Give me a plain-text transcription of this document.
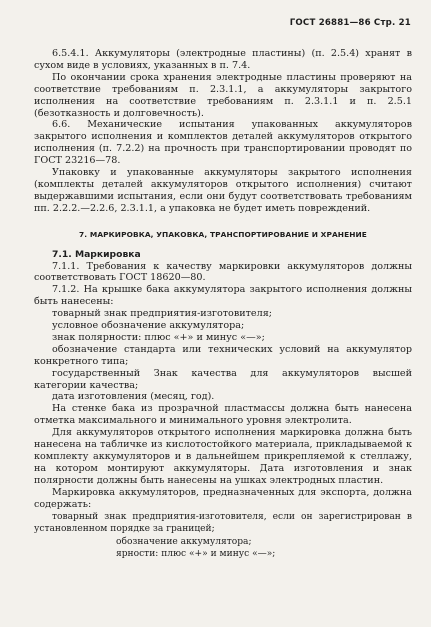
ГОСТ 26881—86 Стр. 21

6.5.4.1. Аккумуляторы (электродные пластины) (п. 2.5.4) хранят в сухом виде в условиях, указанных в п. 7.4.

По окончании срока хранения электродные пластины проверяют на соответствие требованиям п. 2.3.1.1, а аккумуляторы закрытого исполнения на соответствие требованиям п. 2.3.1.1 и п. 2.5.1 (безотказность и долговечность).

6.6. Механические испытания упакованных аккумуляторов закрытого исполнения и комплектов деталей аккумуляторов открытого исполнения (п. 7.2.2) на прочность при транспортировании проводят по ГОСТ 23216—78.

Упаковку и упакованные аккумуляторы закрытого исполнения (комплекты деталей аккумуляторов открытого исполнения) считают выдержавшими испытания, если они будут соответствовать требованиям пп. 2.2.2.—2.2.6, 2.3.1.1, а упаковка не будет иметь повреждений.

7. МАРКИРОВКА, УПАКОВКА, ТРАНСПОРТИРОВАНИЕ И ХРАНЕНИЕ

7.1. Маркировка

7.1.1. Требования к качеству маркировки аккумуляторов должны соответствовать ГОСТ 18620—80.

7.1.2. На крышке бака аккумулятора закрытого исполнения должны быть нанесены:

товарный знак предприятия-изготовителя;

условное обозначение аккумулятора;

знак полярности: плюс «+» и минус «—»;

обозначение стандарта или технических условий на аккумулятор конкретного типа;

государственный Знак качества для аккумуляторов высшей категории качества;

дата изготовления (месяц, год).

На стенке бака из прозрачной пластмассы должна быть нанесена отметка максимального и минимального уровня электролита.

Для аккумуляторов открытого исполнения маркировка должна быть нанесена на табличке из кислотостойкого материала, прикладываемой к комплекту аккумуляторов и в дальнейшем прикрепляемой к стеллажу, на котором монтируют аккумуляторы. Дата изготовления и знак полярности должны быть нанесены на ушках электродных пластин.

Маркировка аккумуляторов, предназначенных для экспорта, должна содержать:

товарный знак предприятия-изготовителя, если он зарегистрирован в установленном порядке за границей;

обозначение аккумулятора;

ярности: плюс «+» и минус «—»;
